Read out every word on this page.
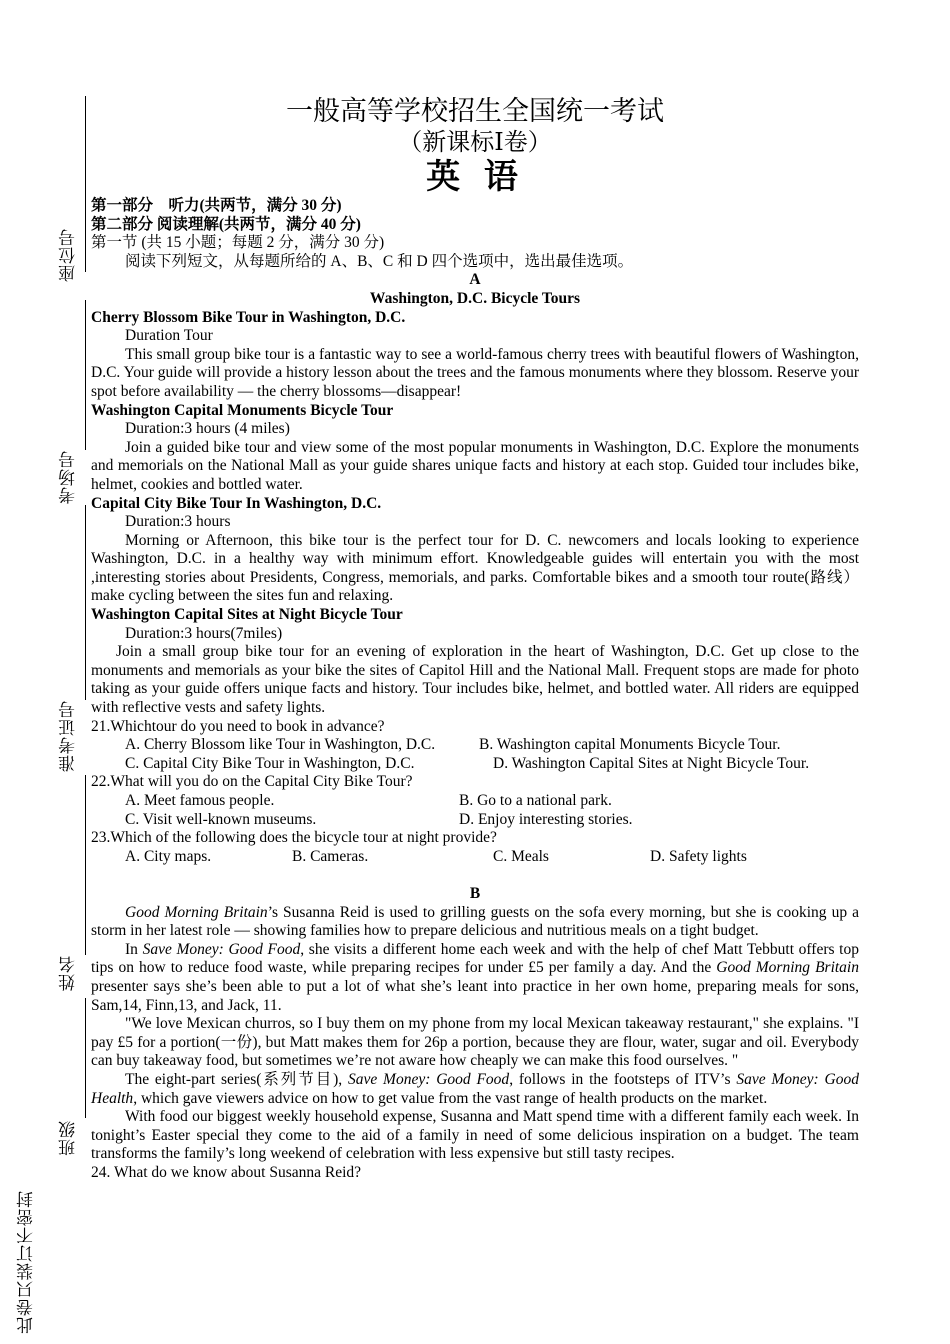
座位号
考场号
准考证号
姓名
班级
此卷只装订不密封
一般高等学校招生全国统一考试
（新课标Ⅰ卷）
英 语
第一部分　听力(共两节，满分 30 分)
第二部分 阅读理解(共两节，满分 40 分)
第一节 (共 15 小题；每题 2 分，满分 30 分)
阅读下列短文，从每题所给的 A、B、C 和 D 四个选项中，选出最佳选项。
A
Washington, D.C. Bicycle Tours
Cherry Blossom Bike Tour in Washington, D.C.
Duration Tour

This small group bike tour is a fantastic way to see a world-famous cherry trees with beautiful flowers of Washington, D.C. Your guide will provide a history lesson about the trees and the famous monuments where they blossom. Reserve your spot before availability — the cherry blossoms—disappear!

Washington Capital Monuments Bicycle Tour
Duration:3 hours (4 miles)

Join a guided bike tour and view some of the most popular monuments in Washington, D.C. Explore the monuments and memorials on the National Mall as your guide shares unique facts and history at each stop. Guided tour includes bike, helmet, cookies and bottled water.

Capital City Bike Tour In Washington, D.C.
Duration:3 hours

Morning or Afternoon, this bike tour is the perfect tour for D. C. newcomers and locals looking to experience Washington, D.C. in a healthy way with minimum effort. Knowledgeable guides will entertain you with the most ,interesting stories about Presidents, Congress, memorials, and parks. Comfortable bikes and a smooth tour route(路线）make cycling between the sites fun and relaxing.

Washington Capital Sites at Night Bicycle Tour
Duration:3 hours(7miles)

Join a small group bike tour for an evening of exploration in the heart of Washington, D.C. Get up close to the monuments and memorials as your bike the sites of Capitol Hill and the National Mall. Frequent stops are made for photo taking as your guide offers unique facts and history. Tour includes bike, helmet, and bottled water. All riders are equipped with reflective vests and safety lights.

21.Whichtour do you need to book in advance?
A. Cherry Blossom like Tour in Washington, D.C.	B. Washington capital Monuments Bicycle Tour.
C. Capital City Bike Tour in Washington, D.C.	D. Washington Capital Sites at Night Bicycle Tour.
22.What will you do on the Capital City Bike Tour?
A. Meet famous people.	B. Go to a national park.
C. Visit well-known museums.	D. Enjoy interesting stories.
23.Which of the following does the bicycle tour at night provide?
A. City maps.	B. Cameras.	C. Meals	D. Safety lights
B

Good Morning Britain’s Susanna Reid is used to grilling guests on the sofa every morning, but she is cooking up a storm in her latest role — showing families how to prepare delicious and nutritious meals on a tight budget.

In Save Money: Good Food, she visits a different home each week and with the help of chef Matt Tebbutt offers top tips on how to reduce food waste, while preparing recipes for under £5 per family a day. And the Good Morning Britain presenter says she’s been able to put a lot of what she’s leant into practice in her own home, preparing meals for sons, Sam,14, Finn,13, and Jack, 11.

"We love Mexican churros, so I buy them on my phone from my local Mexican takeaway restaurant," she explains. "I pay £5 for a portion(一份), but Matt makes them for 26p a portion, because they are flour, water, sugar and oil. Everybody can buy takeaway food, but sometimes we’re not aware how cheaply we can make this food ourselves. "

The eight-part series(系列节目), Save Money: Good Food, follows in the footsteps of ITV’s Save Money: Good Health, which gave viewers advice on how to get value from the vast range of health products on the market.

With food our biggest weekly household expense, Susanna and Matt spend time with a different family each week. In tonight’s Easter special they come to the aid of a family in need of some delicious inspiration on a budget. The team transforms the family’s long weekend of celebration with less expensive but still tasty recipes.

24. What do we know about Susanna Reid?
